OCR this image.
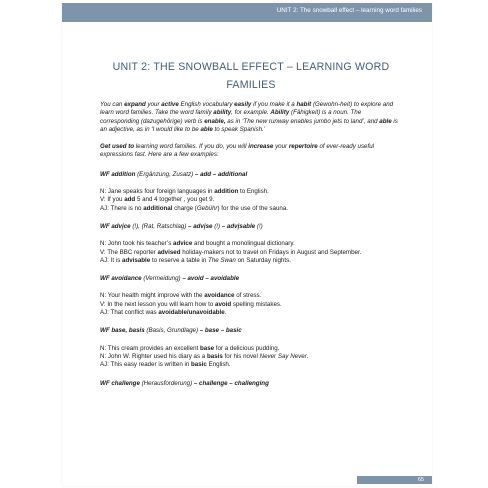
UNIT 2: The snowball effect – learning word families
UNIT 2: THE SNOWBALL EFFECT – LEARNING WORD
FAMILIES

You can expand your active English vocabulary easily if you make it a habit (Gewohn-heit) to explore and learn word families. Take the word family ability, for example. Ability (Fähigkeit) is a noun. The corresponding (dazugehörige) verb is enable, as in ‘The new runway enables jumbo jets to land’, and able is an adjective, as in ‘I would like to be able to speak Spanish.’

Get used to learning word families. If you do, you will increase your repertoire of ever-ready useful expressions fast. Here are a few examples:

WF addition (Ergänzung, Zusatz) – add – additional

N: Jane speaks four foreign languages in addition to English.

V: If you add 5 and 4 together , you get 9.

AJ: There is no additional charge (Gebühr) for the use of the sauna.

WF advi̧ce (!), (Rat, Ratschlag) – advi̧se (!) – advi̧sable (!)

N: John took his teacher’s advice and bought a monolingual dictionary.

V: The BBC reporter advised holiday-makers not to travel on Fridays in August and September.

AJ: It is advisable to reserve a table in The Swan on Saturday nights.

WF avoidance (Vermeidung) – avoid – avoidable

N: Your health might improve with the avoidance of stress.

V: In the next lesson you will learn how to avoid spelling mistakes.

AJ: That conflict was avoidable/unavoidable.

WF base, basis (Basis, Grundlage) – base – basic

N: This cream provides an excellent base for a delicious pudding.

N: John W. Righter used his diary as a basis for his novel Never Say Never.

AJ: This easy reader is written in basic English.

WF challenge (Herausforderung) – challenge – challenging

65
